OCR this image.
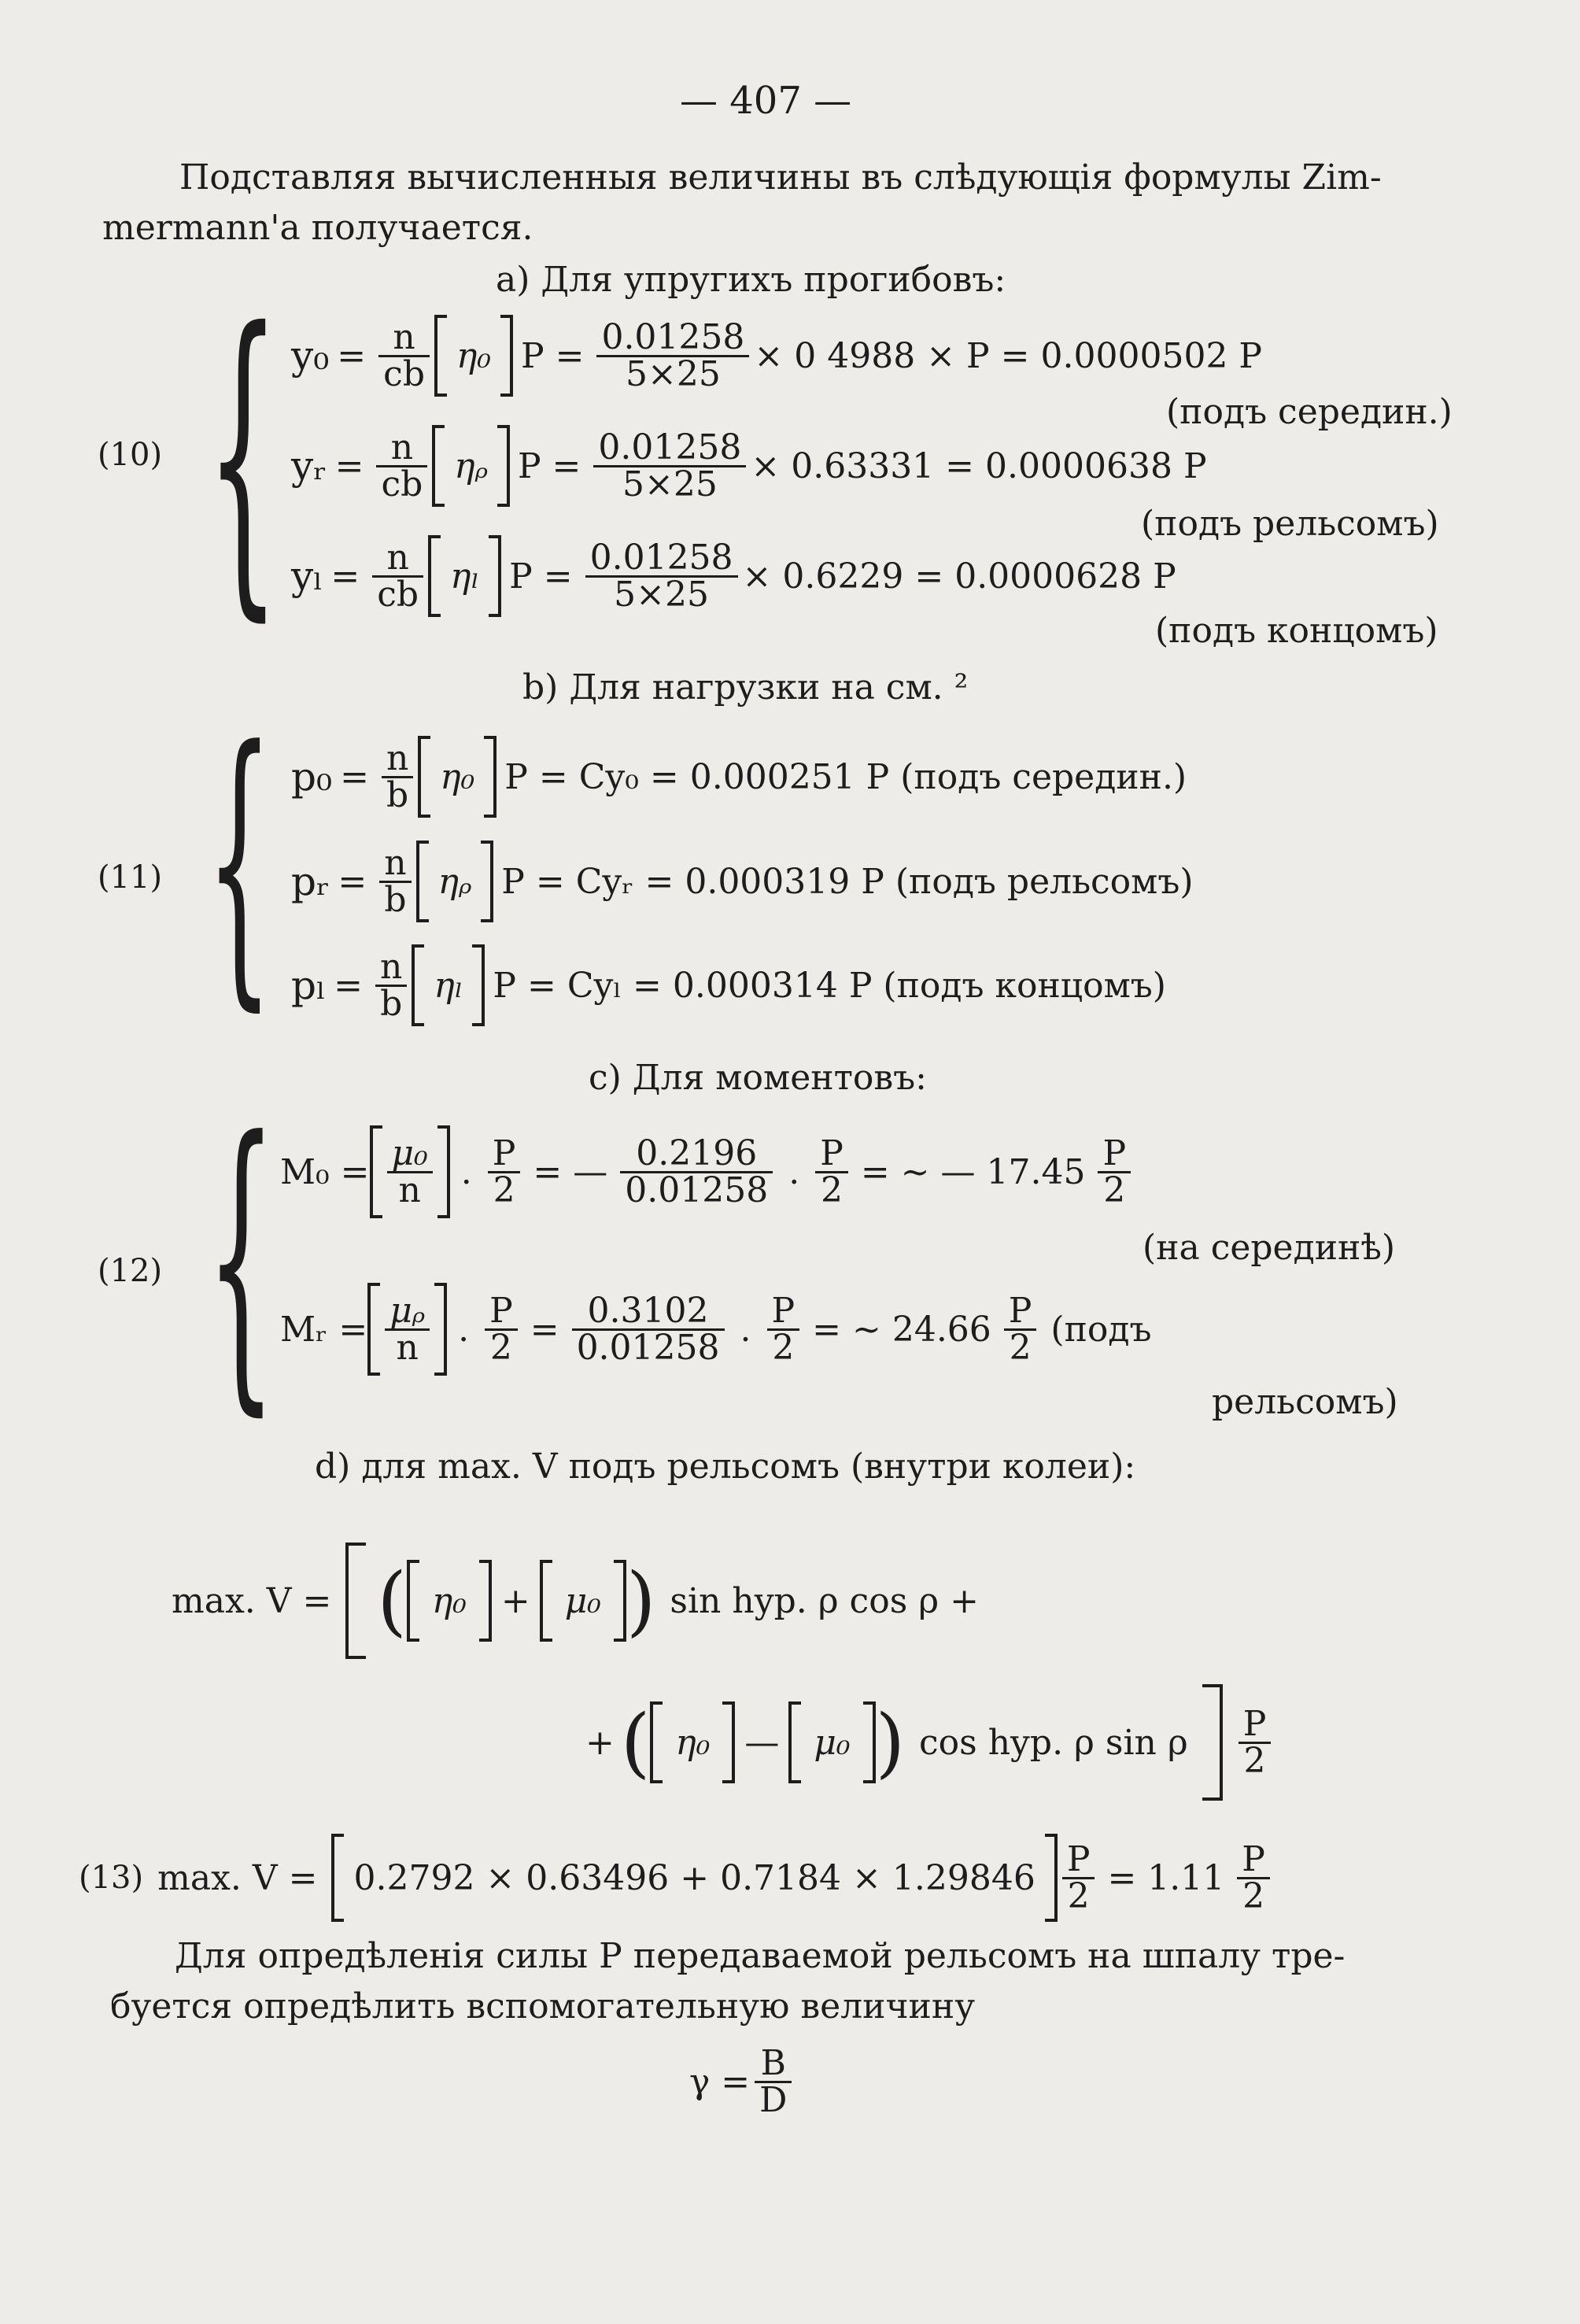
— 407 —
Подставляя вычисленныя величины въ слѣдующія формулы Zim-
mermann'a получается.
a) Для упругихъ прогибовъ:
{
(10)
$y_0 = \frac{n}{cb} \eta_0$ $P = \frac{0.01258}{5\times 25} \times 0$ 4988 × P = 0.0000502 P
(подъ середин.)
yᵣ = $\frac{n}{cb}$ ηᵨ $P = \frac{0.01258}{5\times 25} \times 0.63331 = 0.0000638$ P
(подъ рельсомъ)
$y_l = \frac{n}{cb}$ ηₗ $P = \frac{0.01258}{5\times 25} \times 0.6229 = 0.0000628$ P
(подъ концомъ)
b) Для нагрузки на см. ²
{
(11)
$p_0 = \frac{n}{b} \eta_0$ P = Cy₀ = 0.000251 P (подъ середин.)
pᵣ = $\frac{n}{b}$ ηᵨ P = Cyᵣ = 0.000319 P (подъ рельсомъ)
$p_l = \frac{n}{b}$ ηₗ P = Cyₗ = 0.000314 P (подъ концомъ)
c) Для моментовъ:
{
(12)
$M_0 = \frac{\text{μ₀}}{n}$ . $\frac{P}{2}$ = — $\frac{0.2196}{0.01258}$ . $\frac{P}{2}$ = ~ — $17.45 \frac{P}{2}$
(на серединѣ)
Mᵣ = $\frac{\text{μᵨ}}{n}$ . $\frac{P}{2} = \frac{0.3102}{0.01258}$ . $\frac{P}{2}$ = ~ $24.66 \frac{P}{2}$ (подъ
рельсомъ)
d) для max. V подъ рельсомъ (внутри колеи):
max. V = ( η₀	+	μ₀ ) sin hyp. ρ cos ρ +
+ ( η₀	—	μ₀ ) cos hyp. ρ sin ρ $\frac{P}{2}$
(13) max. $V = 0.2792 \times 0.63496 + 0.7184 \times 1.29846 \frac{P}{2} = 1.11 \frac{P}{2}$
Для опредѣленія силы P передаваемой рельсомъ на шпалу тре-
буется опредѣлить вспомогательную величину
$\gamma = \frac{B}{D}$
